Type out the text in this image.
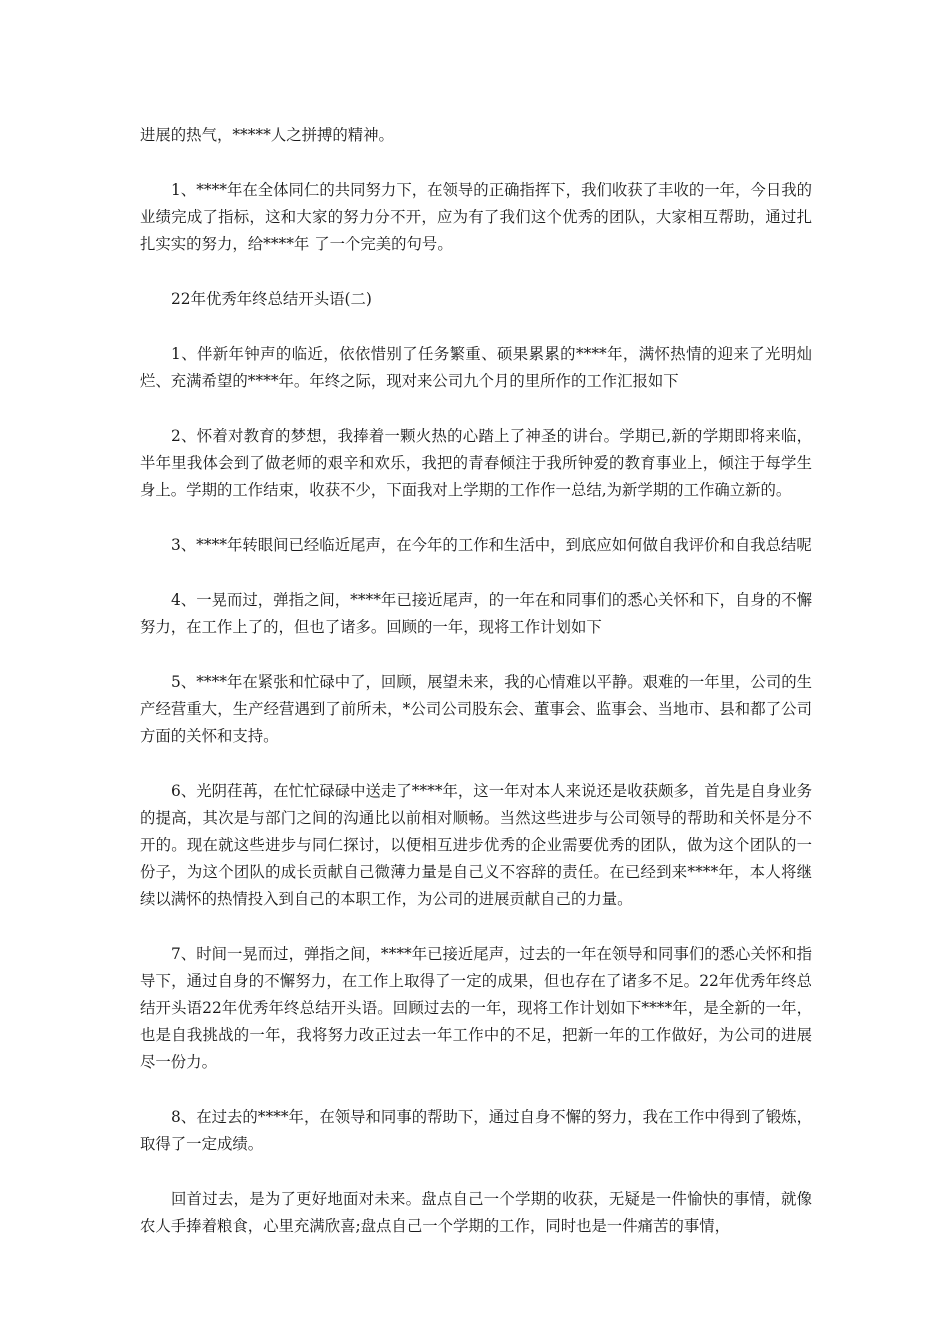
进展的热气，*****人之拼搏的精神。

1、****年在全体同仁的共同努力下，在领导的正确指挥下，我们收获了丰收的一年，今日我的业绩完成了指标，这和大家的努力分不开，应为有了我们这个优秀的团队，大家相互帮助，通过扎扎实实的努力，给****年 了一个完美的句号。

22年优秀年终总结开头语(二)

1、伴新年钟声的临近，依依惜别了任务繁重、硕果累累的****年，满怀热情的迎来了光明灿烂、充满希望的****年。年终之际，现对来公司九个月的里所作的工作汇报如下

2、怀着对教育的梦想，我捧着一颗火热的心踏上了神圣的讲台。学期已,新的学期即将来临，半年里我体会到了做老师的艰辛和欢乐，我把的青春倾注于我所钟爱的教育事业上，倾注于每学生身上。学期的工作结束，收获不少，下面我对上学期的工作作一总结,为新学期的工作确立新的。

3、****年转眼间已经临近尾声，在今年的工作和生活中，到底应如何做自我评价和自我总结呢

4、一晃而过，弹指之间，****年已接近尾声，的一年在和同事们的悉心关怀和下，自身的不懈努力，在工作上了的，但也了诸多。回顾的一年，现将工作计划如下

5、****年在紧张和忙碌中了，回顾，展望未来，我的心情难以平静。艰难的一年里，公司的生产经营重大，生产经营遇到了前所未，*公司公司股东会、董事会、监事会、当地市、县和都了公司方面的关怀和支持。

6、光阴荏苒，在忙忙碌碌中送走了****年，这一年对本人来说还是收获颇多，首先是自身业务的提高，其次是与部门之间的沟通比以前相对顺畅。当然这些进步与公司领导的帮助和关怀是分不开的。现在就这些进步与同仁探讨，以便相互进步优秀的企业需要优秀的团队，做为这个团队的一份子，为这个团队的成长贡献自己微薄力量是自己义不容辞的责任。在已经到来****年，本人将继续以满怀的热情投入到自己的本职工作，为公司的进展贡献自己的力量。

7、时间一晃而过，弹指之间，****年已接近尾声，过去的一年在领导和同事们的悉心关怀和指导下，通过自身的不懈努力，在工作上取得了一定的成果，但也存在了诸多不足。22年优秀年终总结开头语22年优秀年终总结开头语。回顾过去的一年，现将工作计划如下****年，是全新的一年，也是自我挑战的一年，我将努力改正过去一年工作中的不足，把新一年的工作做好，为公司的进展尽一份力。

8、在过去的****年，在领导和同事的帮助下，通过自身不懈的努力，我在工作中得到了锻炼，取得了一定成绩。

回首过去，是为了更好地面对未来。盘点自己一个学期的收获，无疑是一件愉快的事情，就像农人手捧着粮食，心里充满欣喜;盘点自己一个学期的工作，同时也是一件痛苦的事情，
